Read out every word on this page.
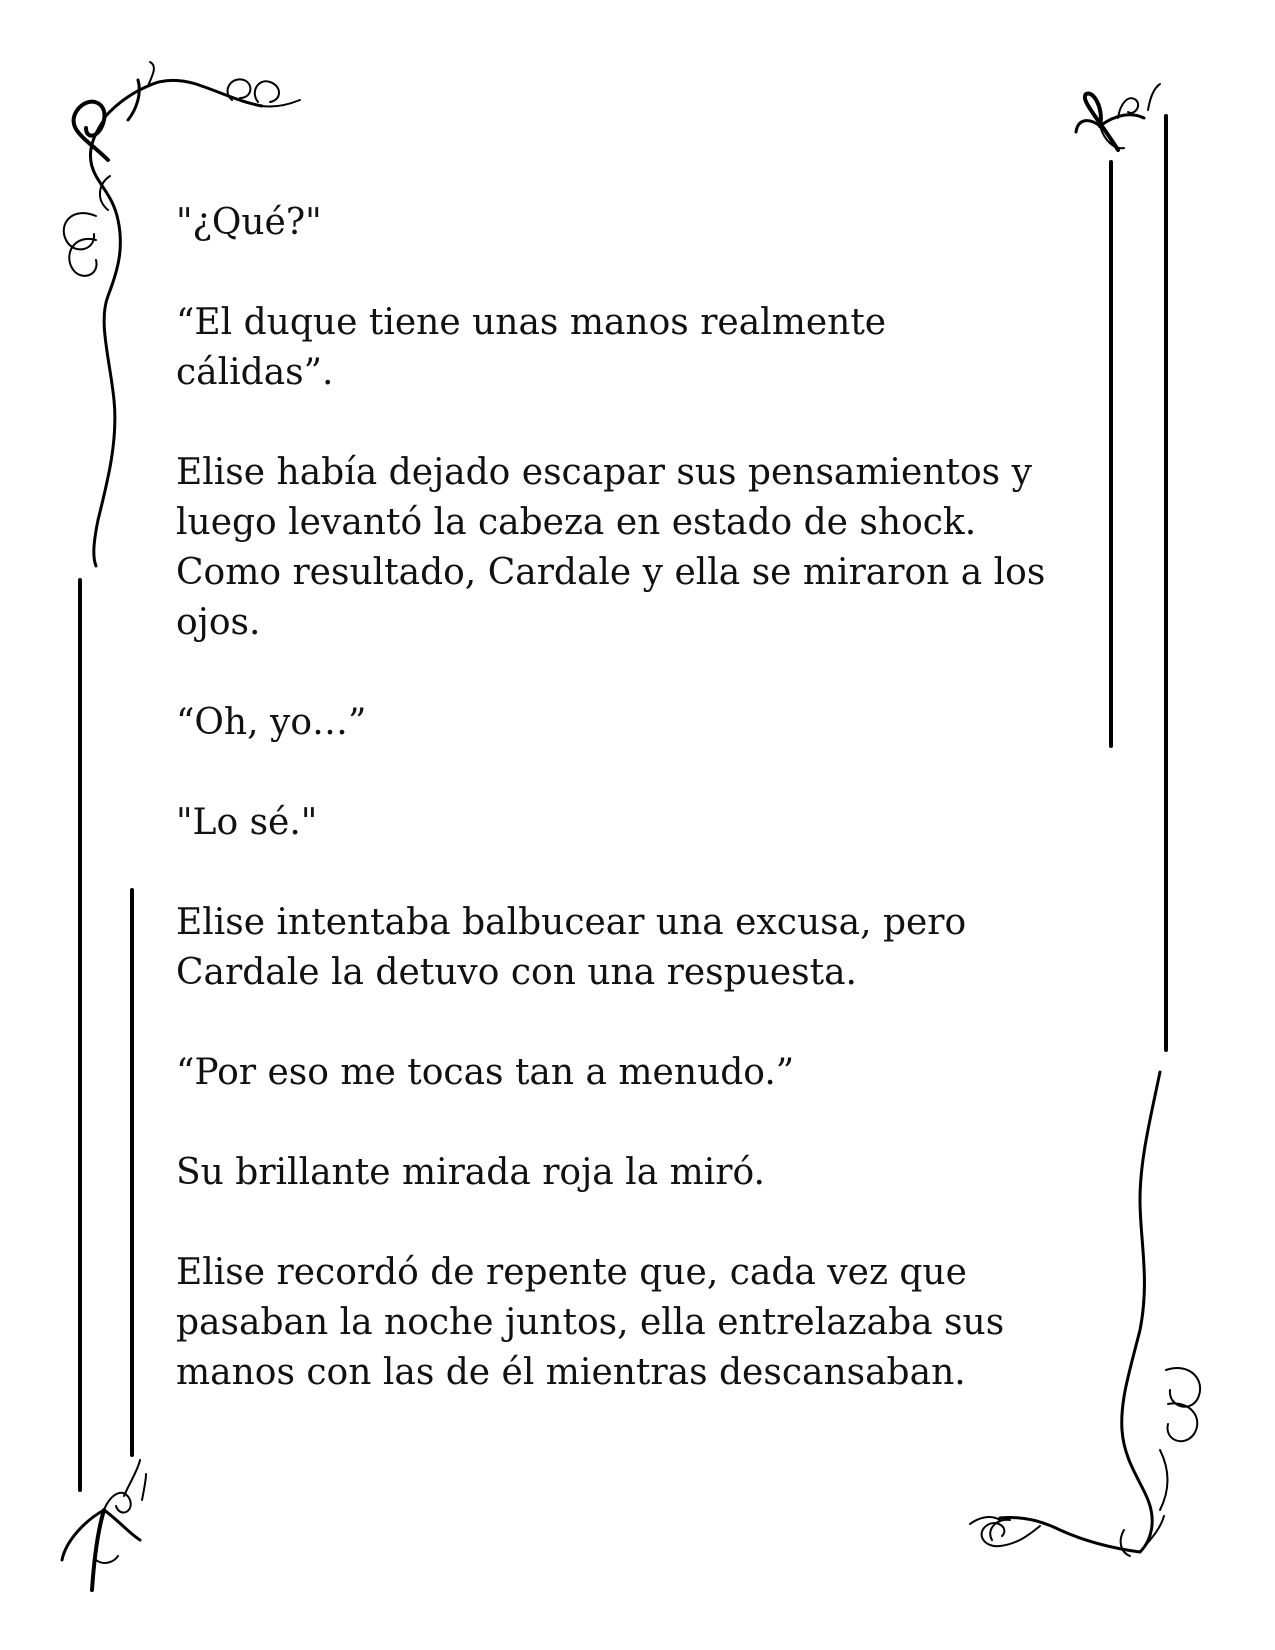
"¿Qué?"

“El duque tiene unas manos realmente
cálidas”.

Elise había dejado escapar sus pensamientos y
luego levantó la cabeza en estado de shock.
Como resultado, Cardale y ella se miraron a los
ojos.

“Oh, yo…”

"Lo sé."

Elise intentaba balbucear una excusa, pero
Cardale la detuvo con una respuesta.

“Por eso me tocas tan a menudo.”

Su brillante mirada roja la miró.

Elise recordó de repente que, cada vez que
pasaban la noche juntos, ella entrelazaba sus
manos con las de él mientras descansaban.
